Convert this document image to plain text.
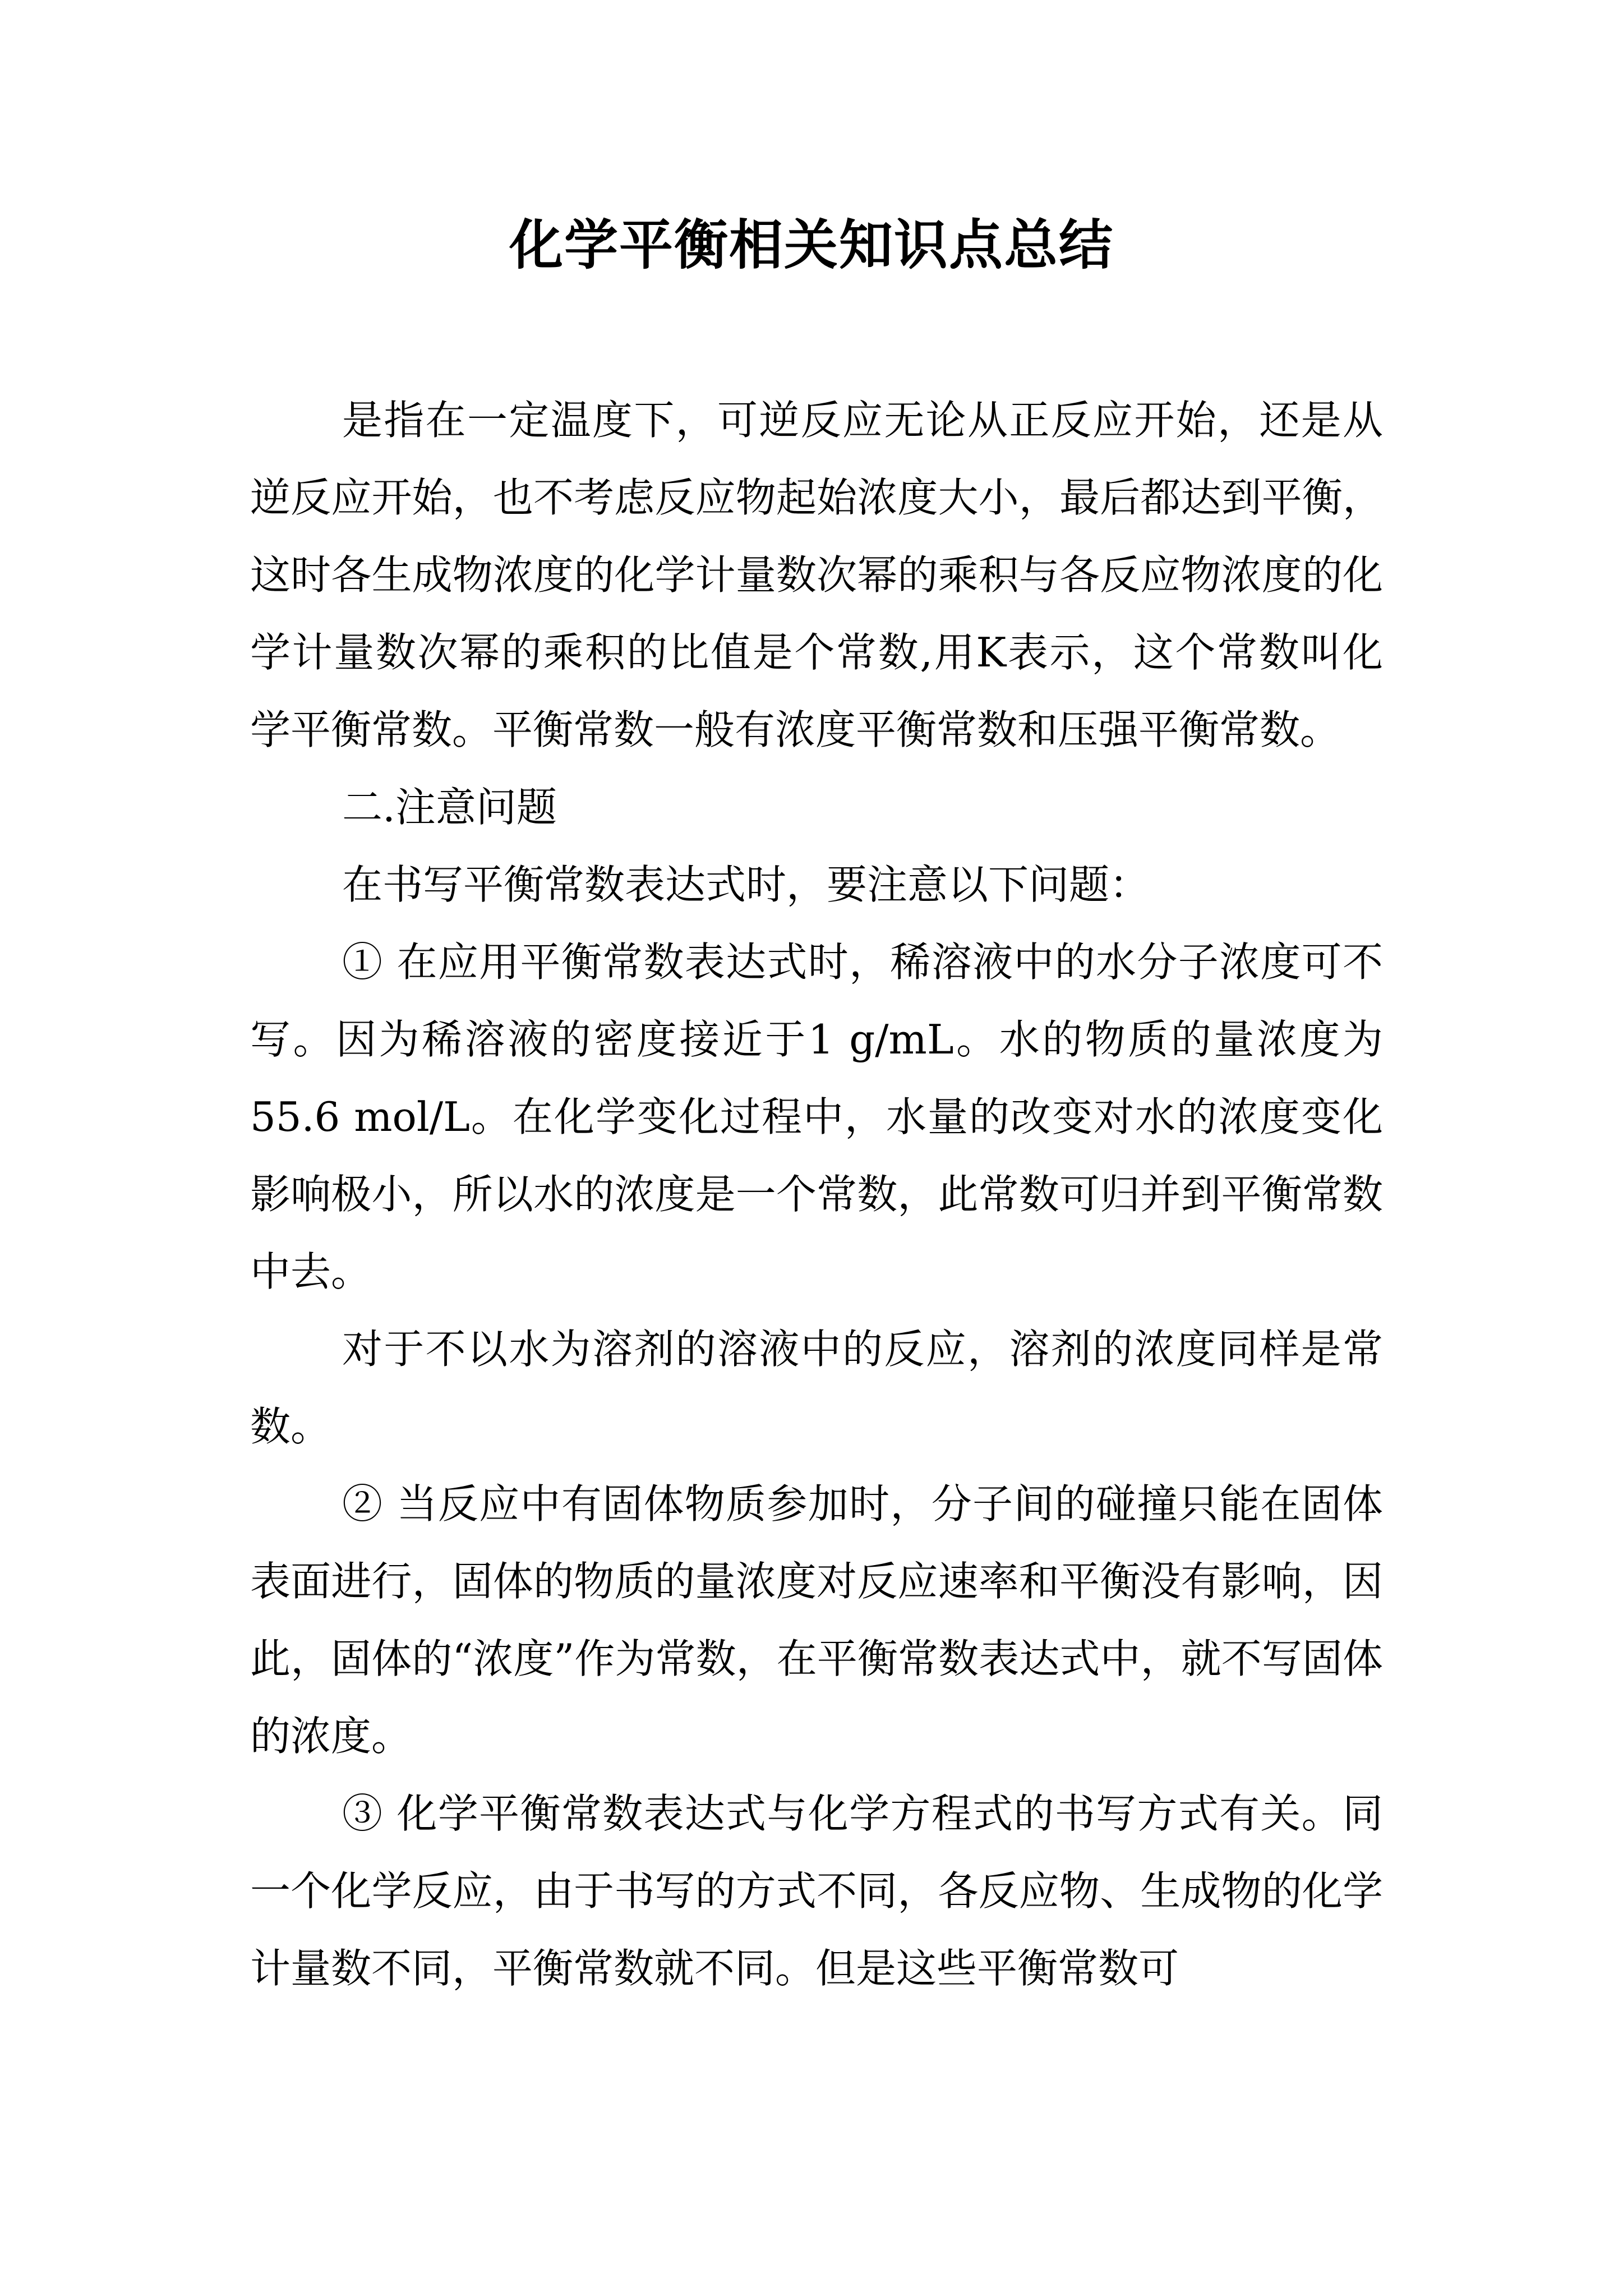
化学平衡相关知识点总结

是指在一定温度下，可逆反应无论从正反应开始，还是从逆反应开始，也不考虑反应物起始浓度大小，最后都达到平衡，这时各生成物浓度的化学计量数次幂的乘积与各反应物浓度的化学计量数次幂的乘积的比值是个常数,用K表示，这个常数叫化学平衡常数。平衡常数一般有浓度平衡常数和压强平衡常数。

二.注意问题

在书写平衡常数表达式时，要注意以下问题：

① 在应用平衡常数表达式时，稀溶液中的水分子浓度可不写。因为稀溶液的密度接近于1 g/mL。水的物质的量浓度为55.6 mol/L。在化学变化过程中，水量的改变对水的浓度变化影响极小，所以水的浓度是一个常数，此常数可归并到平衡常数中去。

对于不以水为溶剂的溶液中的反应，溶剂的浓度同样是常数。

② 当反应中有固体物质参加时，分子间的碰撞只能在固体表面进行，固体的物质的量浓度对反应速率和平衡没有影响，因此，固体的“浓度”作为常数，在平衡常数表达式中，就不写固体的浓度。

③ 化学平衡常数表达式与化学方程式的书写方式有关。同一个化学反应，由于书写的方式不同，各反应物、生成物的化学计量数不同，平衡常数就不同。但是这些平衡常数可
